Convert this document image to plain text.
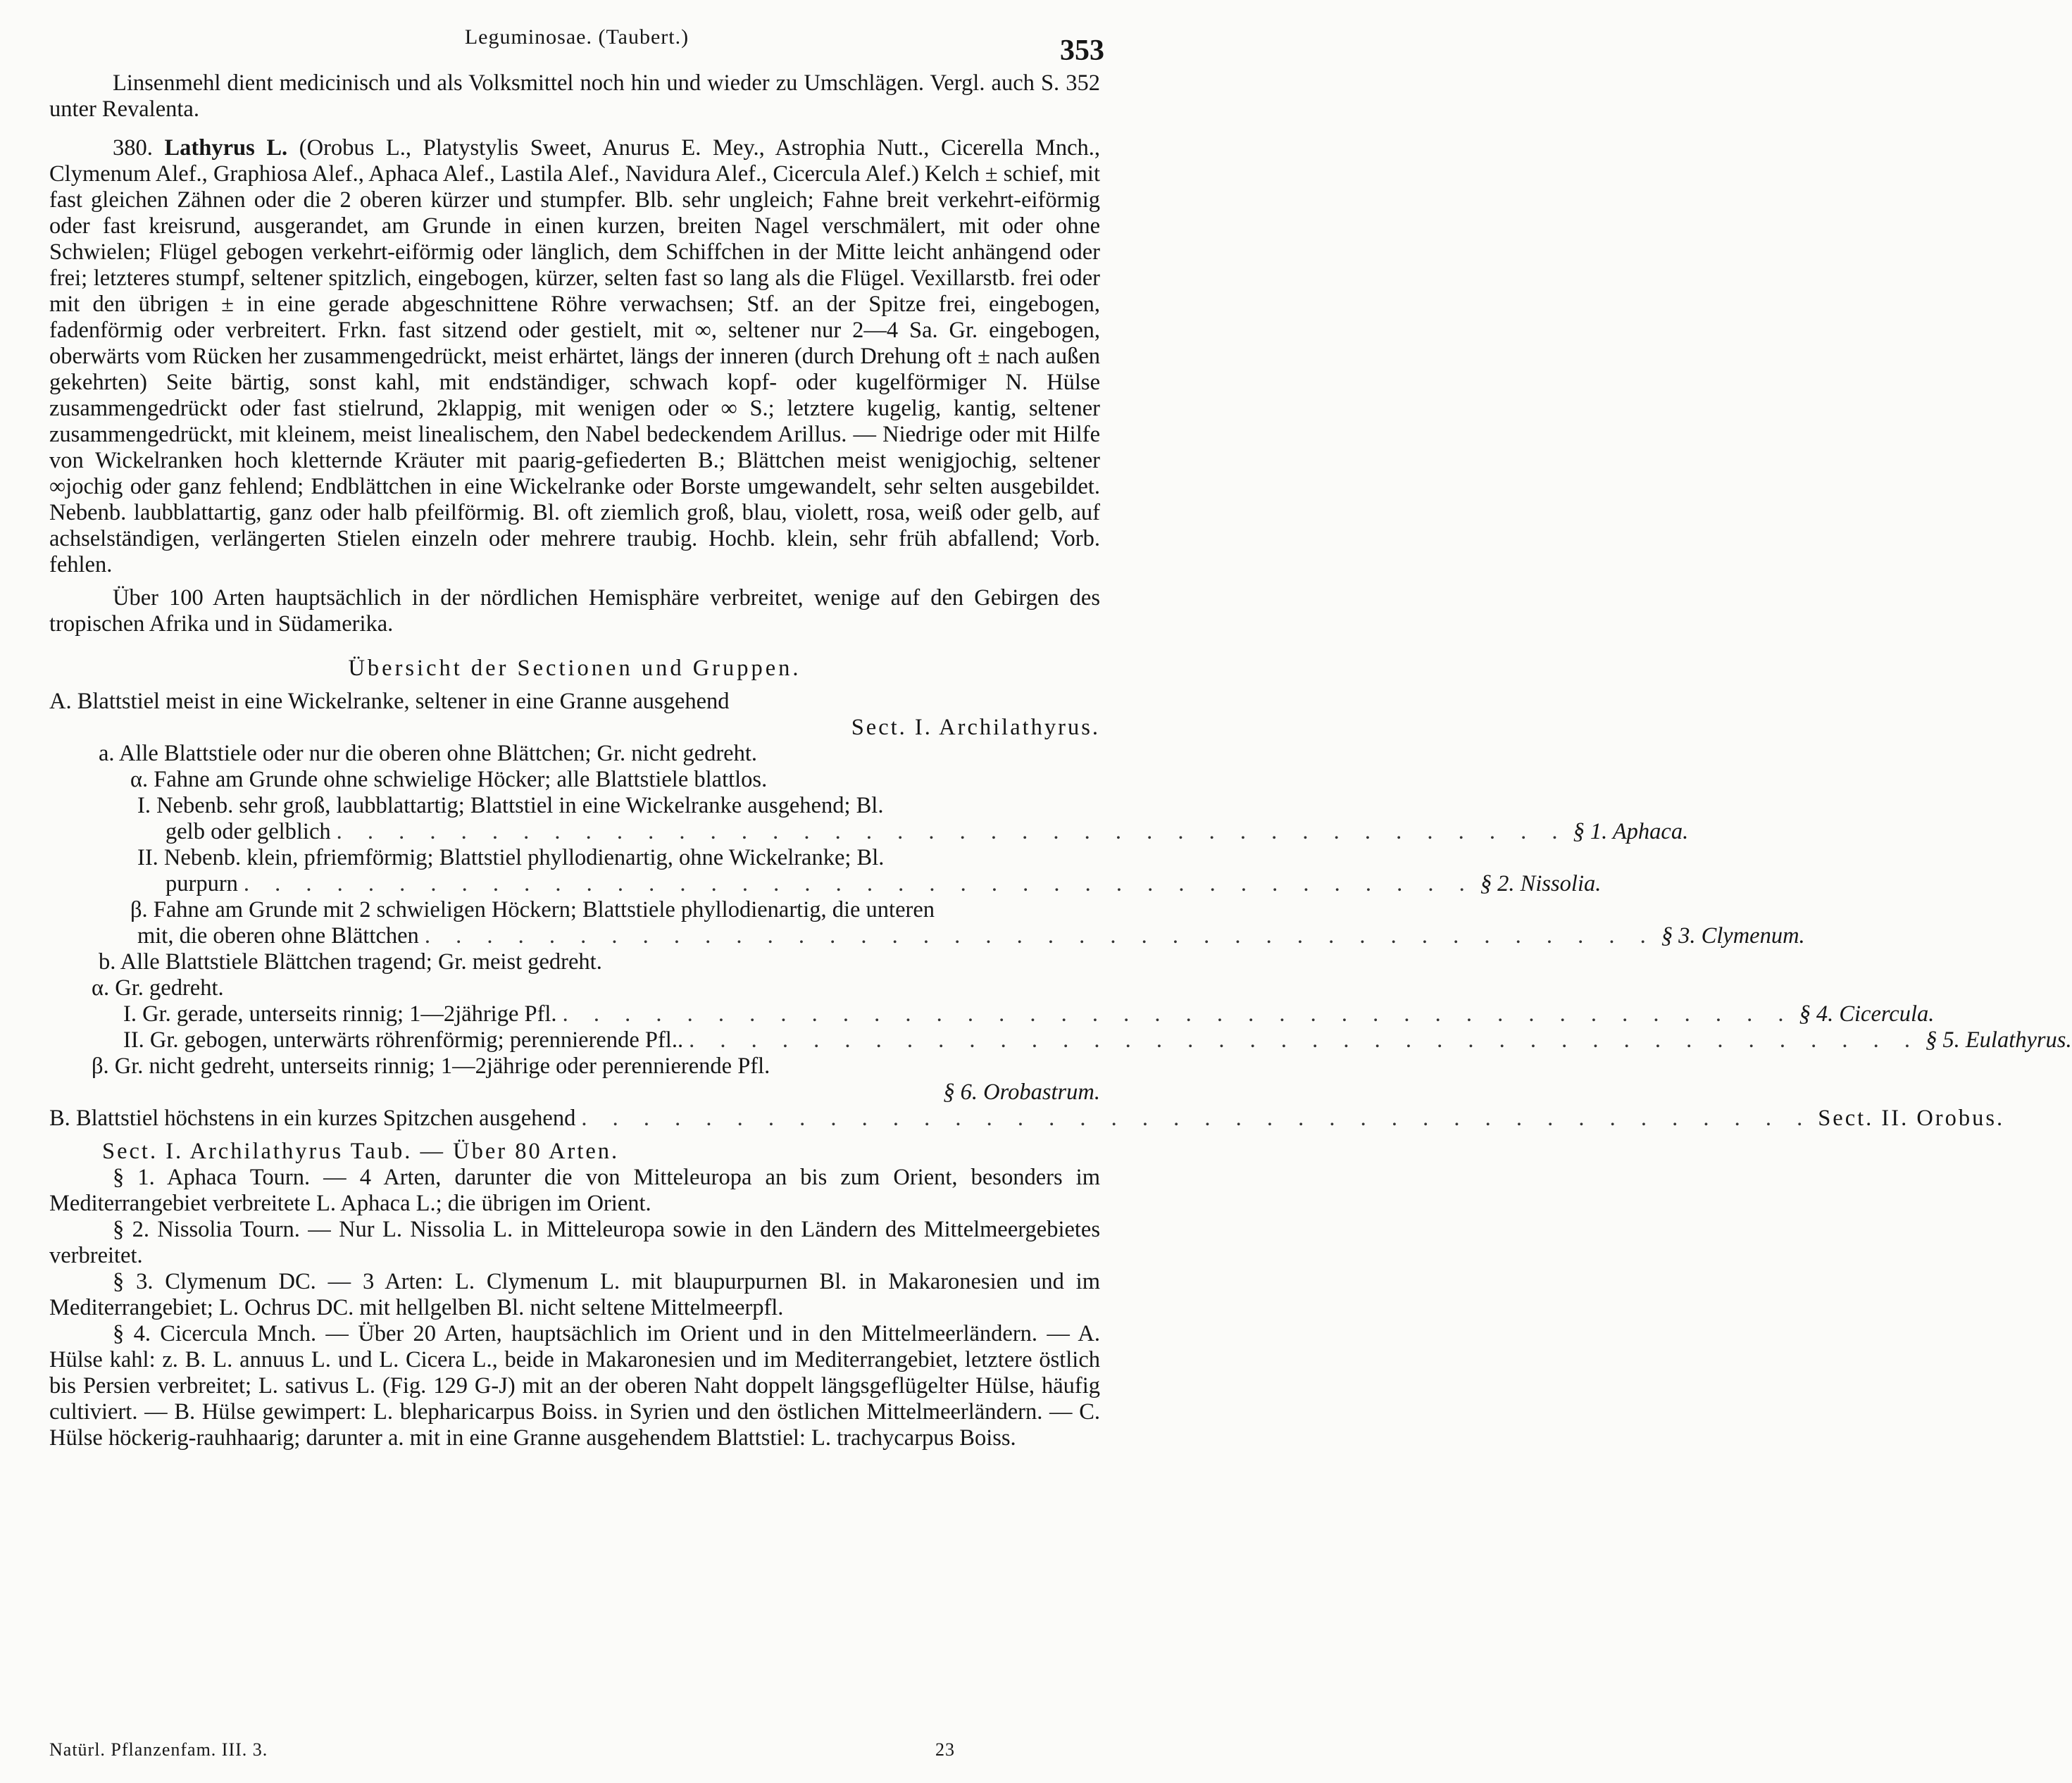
Leguminosae. (Taubert.)	353

Linsenmehl dient medicinisch und als Volksmittel noch hin und wieder zu Umschlägen. Vergl. auch S. 352 unter Revalenta.

380. Lathyrus L. (Orobus L., Platystylis Sweet, Anurus E. Mey., Astrophia Nutt., Cicerella Mnch., Clymenum Alef., Graphiosa Alef., Aphaca Alef., Lastila Alef., Navidura Alef., Cicercula Alef.) Kelch ± schief, mit fast gleichen Zähnen oder die 2 oberen kürzer und stumpfer. Blb. sehr ungleich; Fahne breit verkehrt-eiförmig oder fast kreisrund, ausgerandet, am Grunde in einen kurzen, breiten Nagel verschmälert, mit oder ohne Schwielen; Flügel gebogen verkehrt-eiförmig oder länglich, dem Schiffchen in der Mitte leicht anhängend oder frei; letzteres stumpf, seltener spitzlich, eingebogen, kürzer, selten fast so lang als die Flügel. Vexillarstb. frei oder mit den übrigen ± in eine gerade abgeschnittene Röhre verwachsen; Stf. an der Spitze frei, eingebogen, fadenförmig oder verbreitert. Frkn. fast sitzend oder gestielt, mit ∞, seltener nur 2—4 Sa. Gr. eingebogen, oberwärts vom Rücken her zusammengedrückt, meist erhärtet, längs der inneren (durch Drehung oft ± nach außen gekehrten) Seite bärtig, sonst kahl, mit endständiger, schwach kopf- oder kugelförmiger N. Hülse zusammengedrückt oder fast stielrund, 2klappig, mit wenigen oder ∞ S.; letztere kugelig, kantig, seltener zusammengedrückt, mit kleinem, meist linealischem, den Nabel bedeckendem Arillus. — Niedrige oder mit Hilfe von Wickelranken hoch kletternde Kräuter mit paarig-gefiederten B.; Blättchen meist wenigjochig, seltener ∞jochig oder ganz fehlend; Endblättchen in eine Wickelranke oder Borste umgewandelt, sehr selten ausgebildet. Nebenb. laubblattartig, ganz oder halb pfeilförmig. Bl. oft ziemlich groß, blau, violett, rosa, weiß oder gelb, auf achselständigen, verlängerten Stielen einzeln oder mehrere traubig. Hochb. klein, sehr früh abfallend; Vorb. fehlen.

Über 100 Arten hauptsächlich in der nördlichen Hemisphäre verbreitet, wenige auf den Gebirgen des tropischen Afrika und in Südamerika.

Übersicht der Sectionen und Gruppen.

A. Blattstiel meist in eine Wickelranke, seltener in eine Granne ausgehend

Sect. I. Archilathyrus.

a. Alle Blattstiele oder nur die oberen ohne Blättchen; Gr. nicht gedreht.

α. Fahne am Grunde ohne schwielige Höcker; alle Blattstiele blattlos.

I. Nebenb. sehr groß, laubblattartig; Blattstiel in eine Wickelranke ausgehend; Bl.

gelb oder gelblich . . . . . . . . . . . . . . . . . . . . . . . . . . . . . . . . . . . . . . . . § 1. Aphaca.

II. Nebenb. klein, pfriemförmig; Blattstiel phyllodienartig, ohne Wickelranke; Bl.

purpurn . . . . . . . . . . . . . . . . . . . . . . . . . . . . . . . . . . . . . . . . § 2. Nissolia.

β. Fahne am Grunde mit 2 schwieligen Höckern; Blattstiele phyllodienartig, die unteren

mit, die oberen ohne Blättchen . . . . . . . . . . . . . . . . . . . . . . . . . . . . . . . . . . . . . . . . § 3. Clymenum.

b. Alle Blattstiele Blättchen tragend; Gr. meist gedreht.

α. Gr. gedreht.

I. Gr. gerade, unterseits rinnig; 1—2jährige Pfl. . . . . . . . . . . . . . . . . . . . . . . . . . . . . . . . . . . . . . . . . § 4. Cicercula.
II. Gr. gebogen, unterwärts röhrenförmig; perennierende Pfl.. . . . . . . . . . . . . . . . . . . . . . . . . . . . . . . . . . . . . . . . . § 5. Eulathyrus.

β. Gr. nicht gedreht, unterseits rinnig; 1—2jährige oder perennierende Pfl.

§ 6. Orobastrum.

B. Blattstiel höchstens in ein kurzes Spitzchen ausgehend . . . . . . . . . . . . . . . . . . . . . . . . . . . . . . . . . . . . . . . . Sect. II. Orobus.

Sect. I. Archilathyrus Taub. — Über 80 Arten.

§ 1. Aphaca Tourn. — 4 Arten, darunter die von Mitteleuropa an bis zum Orient, besonders im Mediterrangebiet verbreitete L. Aphaca L.; die übrigen im Orient.

§ 2. Nissolia Tourn. — Nur L. Nissolia L. in Mitteleuropa sowie in den Ländern des Mittelmeergebietes verbreitet.

§ 3. Clymenum DC. — 3 Arten: L. Clymenum L. mit blaupurpurnen Bl. in Makaronesien und im Mediterrangebiet; L. Ochrus DC. mit hellgelben Bl. nicht seltene Mittelmeerpfl.

§ 4. Cicercula Mnch. — Über 20 Arten, hauptsächlich im Orient und in den Mittelmeerländern. — A. Hülse kahl: z. B. L. annuus L. und L. Cicera L., beide in Makaronesien und im Mediterrangebiet, letztere östlich bis Persien verbreitet; L. sativus L. (Fig. 129 G-J) mit an der oberen Naht doppelt längsgeflügelter Hülse, häufig cultiviert. — B. Hülse gewimpert: L. blepharicarpus Boiss. in Syrien und den östlichen Mittelmeerländern. — C. Hülse höckerig-rauhhaarig; darunter a. mit in eine Granne ausgehendem Blattstiel: L. trachycarpus Boiss.

Natürl. Pflanzenfam. III. 3.	23
